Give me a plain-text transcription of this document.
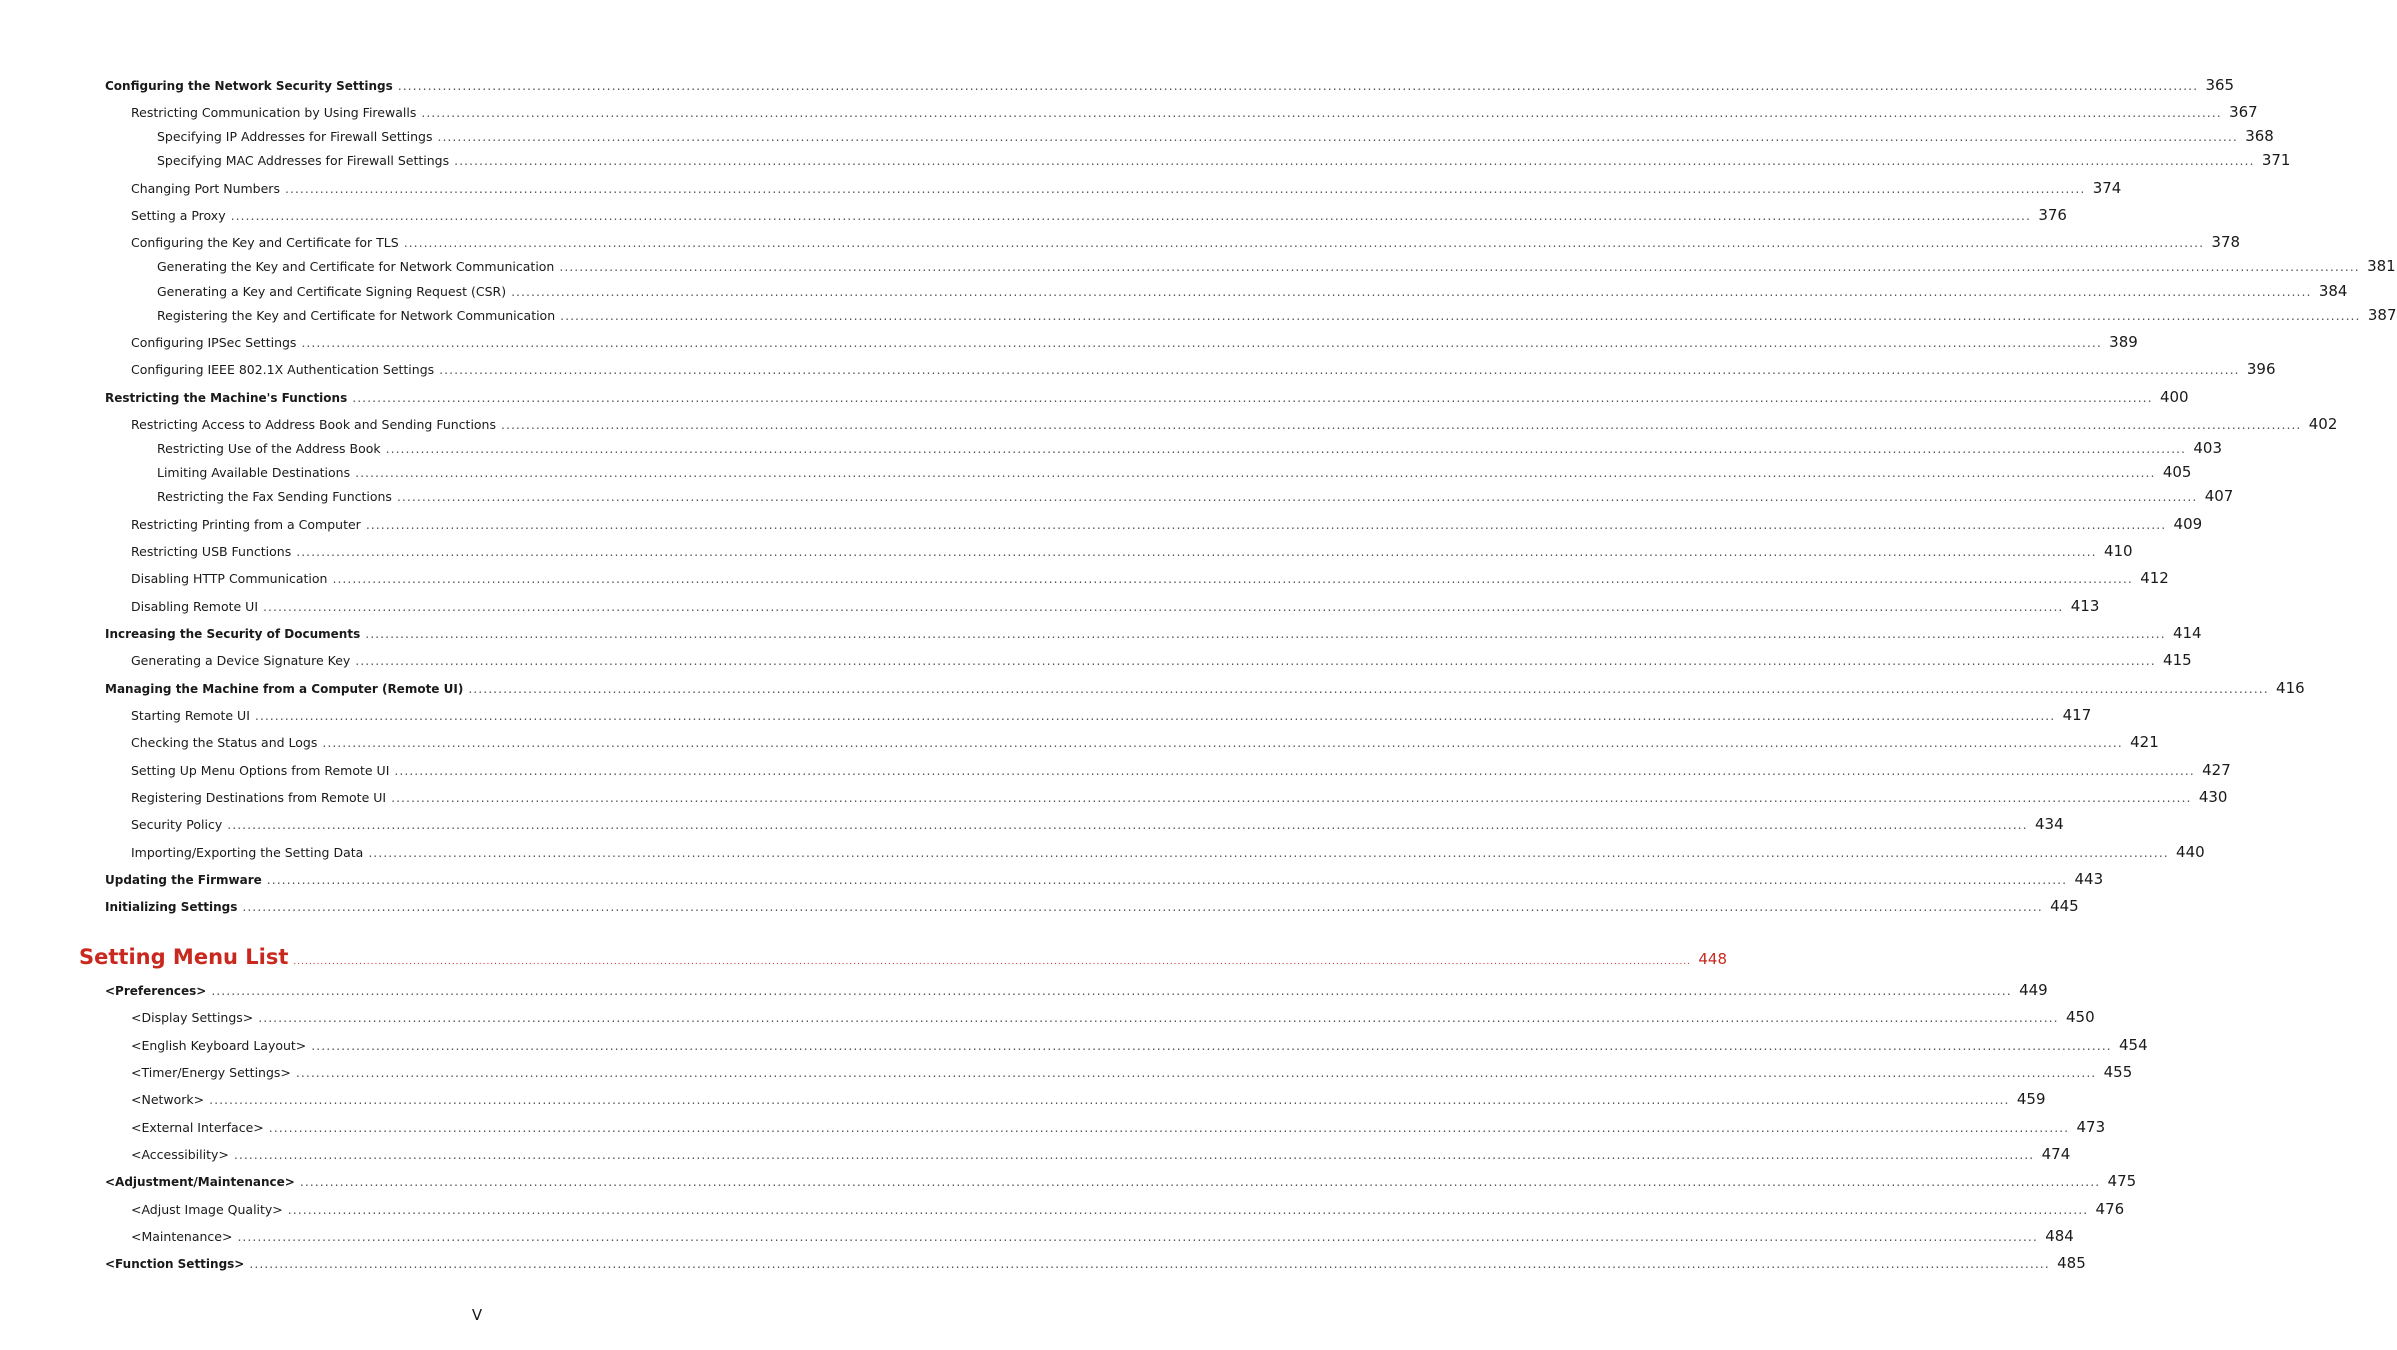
Configuring the Network Security Settings .....	365
Restricting Communication by Using Firewalls .....	367
Specifying IP Addresses for Firewall Settings .....	368
Specifying MAC Addresses for Firewall Settings .....	371
Changing Port Numbers .....	374
Setting a Proxy .....	376
Configuring the Key and Certificate for TLS .....	378
Generating the Key and Certificate for Network Communication .....	381
Generating a Key and Certificate Signing Request (CSR) .....	384
Registering the Key and Certificate for Network Communication .....	387
Configuring IPSec Settings .....	389
Configuring IEEE 802.1X Authentication Settings .....	396
Restricting the Machine's Functions .....	400
Restricting Access to Address Book and Sending Functions .....	402
Restricting Use of the Address Book .....	403
Limiting Available Destinations .....	405
Restricting the Fax Sending Functions .....	407
Restricting Printing from a Computer .....	409
Restricting USB Functions .....	410
Disabling HTTP Communication .....	412
Disabling Remote UI .....	413
Increasing the Security of Documents .....	414
Generating a Device Signature Key .....	415
Managing the Machine from a Computer (Remote UI) .....	416
Starting Remote UI .....	417
Checking the Status and Logs .....	421
Setting Up Menu Options from Remote UI .....	427
Registering Destinations from Remote UI .....	430
Security Policy .....	434
Importing/Exporting the Setting Data .....	440
Updating the Firmware .....	443
Initializing Settings .....	445
Setting Menu List .....	448
<Preferences> .....	449
<Display Settings> .....	450
<English Keyboard Layout> .....	454
<Timer/Energy Settings> .....	455
<Network> .....	459
<External Interface> .....	473
<Accessibility> .....	474
<Adjustment/Maintenance> .....	475
<Adjust Image Quality> .....	476
<Maintenance> .....	484
<Function Settings> .....	485
V
